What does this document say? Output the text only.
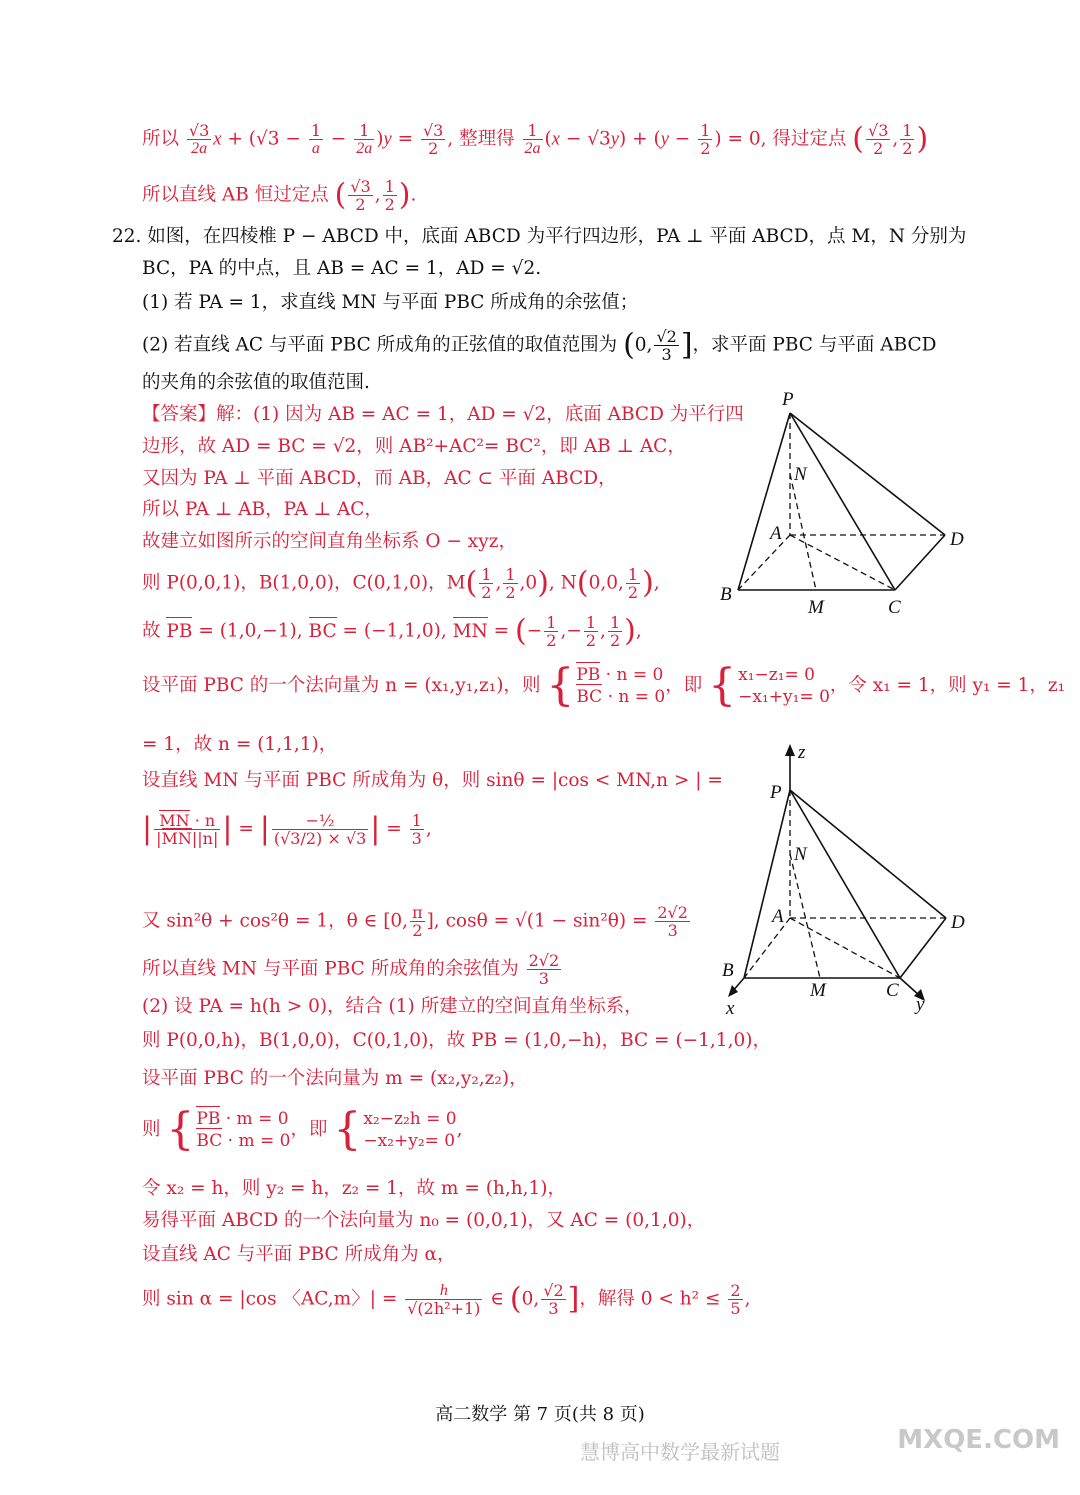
所以 $\frac{√3}{2a}$ $x + (√3 - \frac{1}{a} - \frac{1}{2a} )y = \frac{√3}{2}$ , 整理得 $\frac{1}{2a} (x - √3y) + (y - \frac{1}{2}$ ) = 0, 得过定点 ( $\frac{√3}{2}$ , $\frac{1}{2}$ )
所以直线 AB 恒过定点 ( $\frac{√3}{2}$ , $\frac{1}{2}$ ).
22. 如图，在四棱椎 P − ABCD 中，底面 ABCD 为平行四边形，PA ⊥ 平面 ABCD，点 M，N 分别为
BC，PA 的中点，且 AB = AC = 1，AD = √2.
(1) 若 PA = 1，求直线 MN 与平面 PBC 所成角的余弦值；
(2) 若直线 AC 与平面 PBC 所成角的正弦值的取值范围为 (0, $\frac{√2}{3}$ ]，求平面 PBC 与平面 ABCD
的夹角的余弦值的取值范围.
【答案】解：(1) 因为 AB = AC = 1，AD = √2，底面 ABCD 为平行四
边形，故 AD = BC = √2，则 AB²+AC²= BC²，即 AB ⊥ AC，
又因为 PA ⊥ 平面 ABCD，而 AB，AC ⊂ 平面 ABCD，
所以 PA ⊥ AB，PA ⊥ AC，
故建立如图所示的空间直角坐标系 O − xyz，
则 P(0,0,1)，B(1,0,0)，C(0,1,0)，$M( \frac{1}{2}$ , $\frac{1}{2} ,0$), N(0,0, $\frac{1}{2}$ ),
故 PB = (1,0,−1), BC = (−1,1,0), MN = (− $\frac{1}{2}$ ,− $\frac{1}{2}$ , $\frac{1}{2}$ ),
设平面 PBC 的一个法向量为 n = (x₁,y₁,z₁)，则 { PB · n = 0
BC · n = 0，即 { x₁−z₁= 0
−x₁+y₁= 0，令 x₁ = 1，则 y₁ = 1，z₁
= 1，故 n = (1,1,1)，
设直线 MN 与平面 PBC 所成角为 θ，则 sinθ = |cos < MN,n > | =
| $\frac{MN \cdot n}{|MN||n|}$ | = | $\frac{\text{−½}}{(√3/2) \times √3}$ | = $\frac{1}{3}$ ,
又 sin²θ + cos²θ = 1，θ ∈ [0, $\frac{\pi}{2}$ ], $\cos\theta = √(1 - \sin^2\theta) = \frac{2√2}{3}$
所以直线 MN 与平面 PBC 所成角的余弦值为 $\frac{2√2}{3}$
(2) 设 PA = h(h > 0)，结合 (1) 所建立的空间直角坐标系，
则 P(0,0,h)，B(1,0,0)，C(0,1,0)，故 PB = (1,0,−h)，BC = (−1,1,0)，
设平面 PBC 的一个法向量为 m = (x₂,y₂,z₂)，
则 { PB · m = 0
BC · m = 0，即 { x₂−z₂h = 0
−x₂+y₂= 0,
令 x₂ = h，则 y₂ = h，z₂ = 1，故 m = (h,h,1)，
易得平面 ABCD 的一个法向量为 n₀ = (0,0,1)，又 AC = (0,1,0)，
设直线 AC 与平面 PBC 所成角为 α，
则 sin α = |cos 〈AC,m〉| = $\frac{h}{\text{√(2h²+1)}}$ ∈ (0, $\frac{√2}{3}$ ]，解得 $0 < h^2 \le \frac{2}{5}$ ,
P
N
A	D
B
M	C
z
P
N
A	D
B
M	C
x	y
高二数学 第 7 页(共 8 页)
慧博高中数学最新试题	MXQE.COM
